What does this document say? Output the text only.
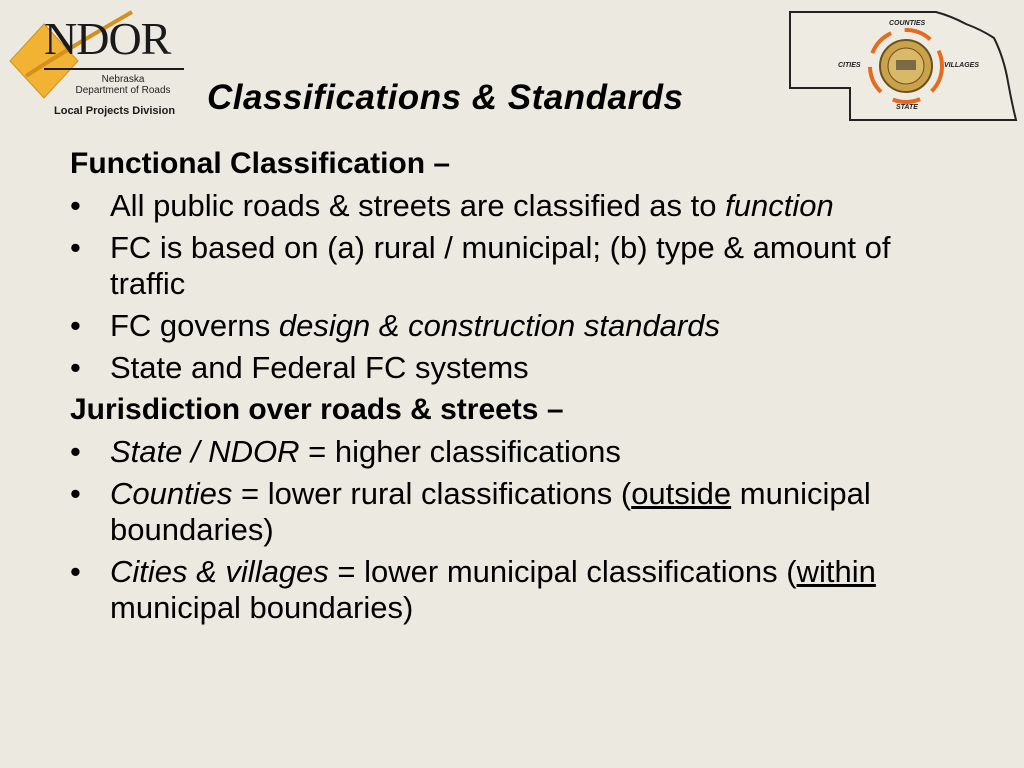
NDOR
Nebraska
Department of Roads
Local Projects Division Classifications & Standards
COUNTIES
CITIES	VILLAGES
STATE

Functional Classification –

• All public roads & streets are classified as to function
• FC is based on (a) rural / municipal; (b) type & amount of traffic
• FC governs design & construction standards
• State and Federal FC systems

Jurisdiction over roads & streets –

• State / NDOR = higher classifications
• Counties = lower rural classifications (outside municipal boundaries)
• Cities & villages = lower municipal classifications (within municipal boundaries)
